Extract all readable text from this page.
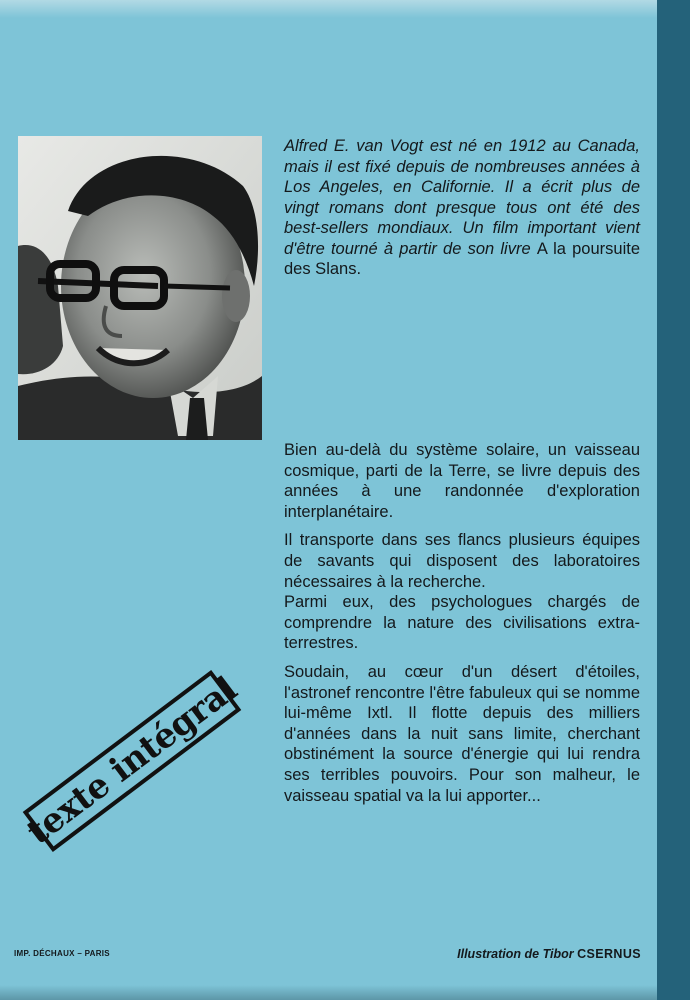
Alfred E. van Vogt est né en 1912 au Canada, mais il est fixé depuis de nombreuses années à Los Angeles, en Californie. Il a écrit plus de vingt romans dont presque tous ont été des best-sellers mondiaux. Un film important vient d'être tourné à partir de son livre A la poursuite des Slans.

Bien au-delà du système solaire, un vaisseau cosmique, parti de la Terre, se livre depuis des années à une randonnée d'exploration interplanétaire.

Il transporte dans ses flancs plusieurs équipes de savants qui disposent des laboratoires nécessaires à la recherche.

Parmi eux, des psychologues chargés de comprendre la nature des civilisations extra-terrestres.

Soudain, au cœur d'un désert d'étoiles, l'astronef rencontre l'être fabuleux qui se nomme lui-même Ixtl. Il flotte depuis des milliers d'années dans la nuit sans limite, cherchant obstinément la source d'énergie qui lui rendra ses terribles pouvoirs. Pour son malheur, le vaisseau spatial va la lui apporter...

texte intégral
IMP. DÉCHAUX – PARIS	Illustration de Tibor CSERNUS
